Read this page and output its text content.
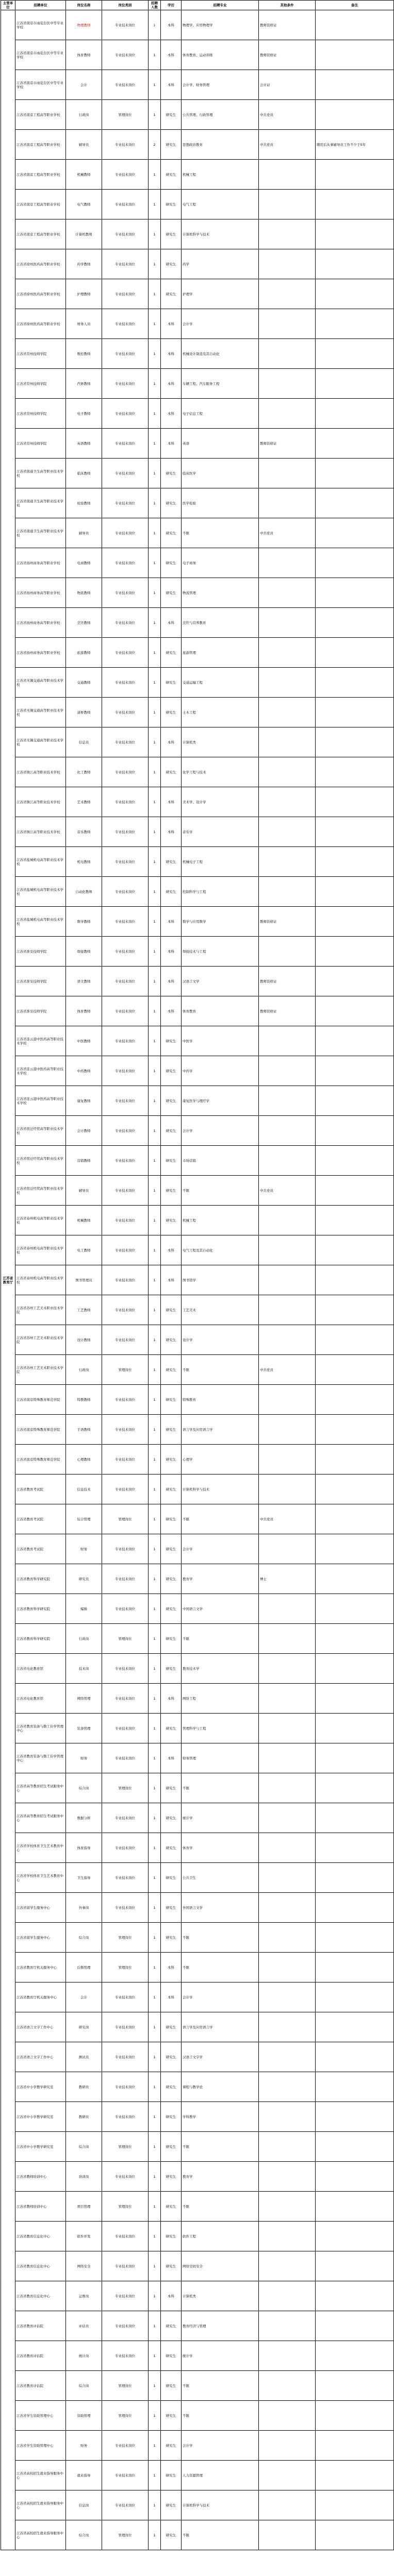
主管单位	招聘单位	岗位名称	岗位类别	招聘人数	学历	招聘专业	其他条件	备注
江苏省 教育厅	江苏省南京市雨花台区中等专业学校	物理教师	专业技术岗位	1	本科	物理学、应用物理学	教师资格证	
	江苏省南京市雨花台区中等专业学校	体育教师	专业技术岗位	1	本科	体育教育、运动训练	教师资格证	
	江苏省南京市雨花台区中等专业学校	会计	专业技术岗位	1	本科	会计学、财务管理	会计证	
	江苏省南京工程高等职业学校	行政岗	管理岗位	1	研究生	公共管理、行政管理	中共党员	
	江苏省南京工程高等职业学校	辅导员	专业技术岗位	2	研究生	思想政治教育	中共党员	聘用后从事辅导员工作不少于5年
	江苏省南京工程高等职业学校	机械教师	专业技术岗位	1	研究生	机械工程		
	江苏省南京工程高等职业学校	电气教师	专业技术岗位	1	研究生	电气工程		
	江苏省南京工程高等职业学校	计算机教师	专业技术岗位	1	研究生	计算机科学与技术		
	江苏省徐州医药高等职业学校	药学教师	专业技术岗位	1	研究生	药学		
	江苏省徐州医药高等职业学校	护理教师	专业技术岗位	1	研究生	护理学		
	江苏省徐州医药高等职业学校	财务人员	专业技术岗位	1	本科	会计学		
	江苏省常州技师学院	数控教师	专业技术岗位	1	本科	机械设计制造及其自动化		
	江苏省常州技师学院	汽修教师	专业技术岗位	1	本科	车辆工程、汽车服务工程		
	江苏省常州技师学院	电子教师	专业技术岗位	1	本科	电子信息工程		
	江苏省常州技师学院	英语教师	专业技术岗位	1	本科	英语	教师资格证	
	江苏省南通卫生高等职业技术学校	临床教师	专业技术岗位	1	研究生	临床医学		
	江苏省南通卫生高等职业技术学校	检验教师	专业技术岗位	1	研究生	医学检验		
	江苏省南通卫生高等职业技术学校	辅导员	专业技术岗位	1	研究生	不限	中共党员	
	江苏省扬州商务高等职业学校	电商教师	专业技术岗位	1	研究生	电子商务		
	江苏省扬州商务高等职业学校	物流教师	专业技术岗位	1	研究生	物流管理		
	江苏省扬州商务高等职业学校	烹饪教师	专业技术岗位	1	本科	烹饪与营养教育		
	江苏省扬州商务高等职业学校	旅游教师	专业技术岗位	1	研究生	旅游管理		
	江苏省无锡交通高等职业技术学校	交通教师	专业技术岗位	1	研究生	交通运输工程		
	江苏省无锡交通高等职业技术学校	道桥教师	专业技术岗位	1	研究生	土木工程		
	江苏省无锡交通高等职业技术学校	信息员	专业技术岗位	1	本科	计算机类		
	江苏省镇江高等职业技术学校	化工教师	专业技术岗位	1	研究生	化学工程与技术		
	江苏省镇江高等职业技术学校	艺术教师	专业技术岗位	1	本科	美术学、设计学		
	江苏省镇江高等职业技术学校	音乐教师	专业技术岗位	1	本科	音乐学		
	江苏省盐城机电高等职业技术学校	机电教师	专业技术岗位	1	研究生	机械电子工程		
	江苏省盐城机电高等职业技术学校	自动化教师	专业技术岗位	1	研究生	控制科学与工程		
	江苏省盐城机电高等职业技术学校	数学教师	专业技术岗位	1	本科	数学与应用数学	教师资格证	
	江苏省淮安技师学院	焊接教师	专业技术岗位	1	本科	焊接技术与工程		
	江苏省淮安技师学院	语文教师	专业技术岗位	1	本科	汉语言文学	教师资格证	
	江苏省淮安技师学院	体育教师	专业技术岗位	1	本科	体育教育	教师资格证	
	江苏省连云港中医药高等职业技术学校	中医教师	专业技术岗位	1	研究生	中医学		
	江苏省连云港中医药高等职业技术学校	中药教师	专业技术岗位	1	研究生	中药学		
	江苏省连云港中医药高等职业技术学校	康复教师	专业技术岗位	1	研究生	康复医学与理疗学		
	江苏省宿迁经贸高等职业技术学校	会计教师	专业技术岗位	1	研究生	会计学		
	江苏省宿迁经贸高等职业技术学校	营销教师	专业技术岗位	1	研究生	市场营销		
	江苏省宿迁经贸高等职业技术学校	辅导员	专业技术岗位	1	研究生	不限	中共党员	
	江苏省泰州机电高等职业技术学校	机械教师	专业技术岗位	1	研究生	机械工程		
	江苏省泰州机电高等职业技术学校	电工教师	专业技术岗位	1	本科	电气工程及其自动化		
	江苏省泰州机电高等职业技术学校	图书管理员	专业技术岗位	1	本科	图书馆学		
	江苏省苏州工艺美术职业技术学院	工艺教师	专业技术岗位	1	研究生	工艺美术		
	江苏省苏州工艺美术职业技术学院	设计教师	专业技术岗位	1	研究生	设计学		
	江苏省苏州工艺美术职业技术学院	行政岗	管理岗位	1	研究生	不限	中共党员	
	江苏省南京特殊教育师范学院	特教教师	专业技术岗位	1	研究生	特殊教育		
	江苏省南京特殊教育师范学院	手语教师	专业技术岗位	1	研究生	语言学及应用语言学		
	江苏省南京特殊教育师范学院	心理教师	专业技术岗位	1	研究生	心理学		
	江苏省教育考试院	信息技术	专业技术岗位	1	研究生	计算机科学与技术		
	江苏省教育考试院	综合管理	管理岗位	1	研究生	不限	中共党员	
	江苏省教育考试院	财务	专业技术岗位	1	研究生	会计学		
	江苏省教育科学研究院	研究员	专业技术岗位	1	研究生	教育学	博士	
	江苏省教育科学研究院	编辑	专业技术岗位	1	研究生	中国语言文学		
	江苏省教育科学研究院	行政岗	管理岗位	1	研究生	不限		
	江苏省电化教育馆	技术岗	专业技术岗位	1	研究生	教育技术学		
	江苏省电化教育馆	网络管理	专业技术岗位	1	本科	网络工程		
	江苏省教育装备与勤工俭学管理中心	装备管理	专业技术岗位	1	研究生	管理科学与工程		
	江苏省教育装备与勤工俭学管理中心	财务	专业技术岗位	1	本科	财务管理		
	江苏省高等教育招生考试服务中心	综合岗	管理岗位	1	研究生	不限		
	江苏省高等教育招生考试服务中心	数据分析	专业技术岗位	1	研究生	统计学		
	江苏省学校体育卫生艺术教育中心	体育指导	专业技术岗位	1	研究生	体育学		
	江苏省学校体育卫生艺术教育中心	卫生指导	专业技术岗位	1	研究生	公共卫生		
	江苏省留学生服务中心	外事岗	专业技术岗位	1	研究生	外国语言文学		
	江苏省留学生服务中心	综合岗	管理岗位	1	研究生	不限		
	江苏省教育厅机关服务中心	后勤管理	管理岗位	1	本科	不限		
	江苏省教育厅机关服务中心	会计	专业技术岗位	1	本科	会计学		
	江苏省语言文字工作中心	研究岗	专业技术岗位	1	研究生	语言学及应用语言学		
	江苏省语言文字工作中心	测试员	专业技术岗位	1	研究生	汉语言文字学		
	江苏省中小学教学研究室	教研员	专业技术岗位	1	研究生	课程与教学论		
	江苏省中小学教学研究室	教研员	专业技术岗位	1	研究生	学科教学		
	江苏省中小学教学研究室	综合岗	管理岗位	1	研究生	不限		
	江苏省教师培训中心	培训岗	专业技术岗位	1	研究生	教育学		
	江苏省教师培训中心	项目管理	管理岗位	1	研究生	不限		
	江苏省教育信息化中心	软件开发	专业技术岗位	1	研究生	软件工程		
	江苏省教育信息化中心	网络安全	专业技术岗位	1	研究生	网络空间安全		
	江苏省教育信息化中心	运维岗	专业技术岗位	1	本科	计算机类		
	江苏省教育评估院	评估员	专业技术岗位	1	研究生	教育经济与管理		
	江苏省教育评估院	统计岗	专业技术岗位	1	研究生	统计学		
	江苏省教育评估院	综合岗	管理岗位	1	研究生	不限		
	江苏省学生资助管理中心	资助管理	管理岗位	1	研究生	不限		
	江苏省学生资助管理中心	财务	专业技术岗位	1	研究生	会计学		
	江苏省高校招生就业指导服务中心	就业指导	专业技术岗位	1	研究生	人力资源管理		
	江苏省高校招生就业指导服务中心	信息岗	专业技术岗位	1	研究生	计算机科学与技术		
	江苏省高校招生就业指导服务中心	综合岗	管理岗位	1	研究生	不限		
